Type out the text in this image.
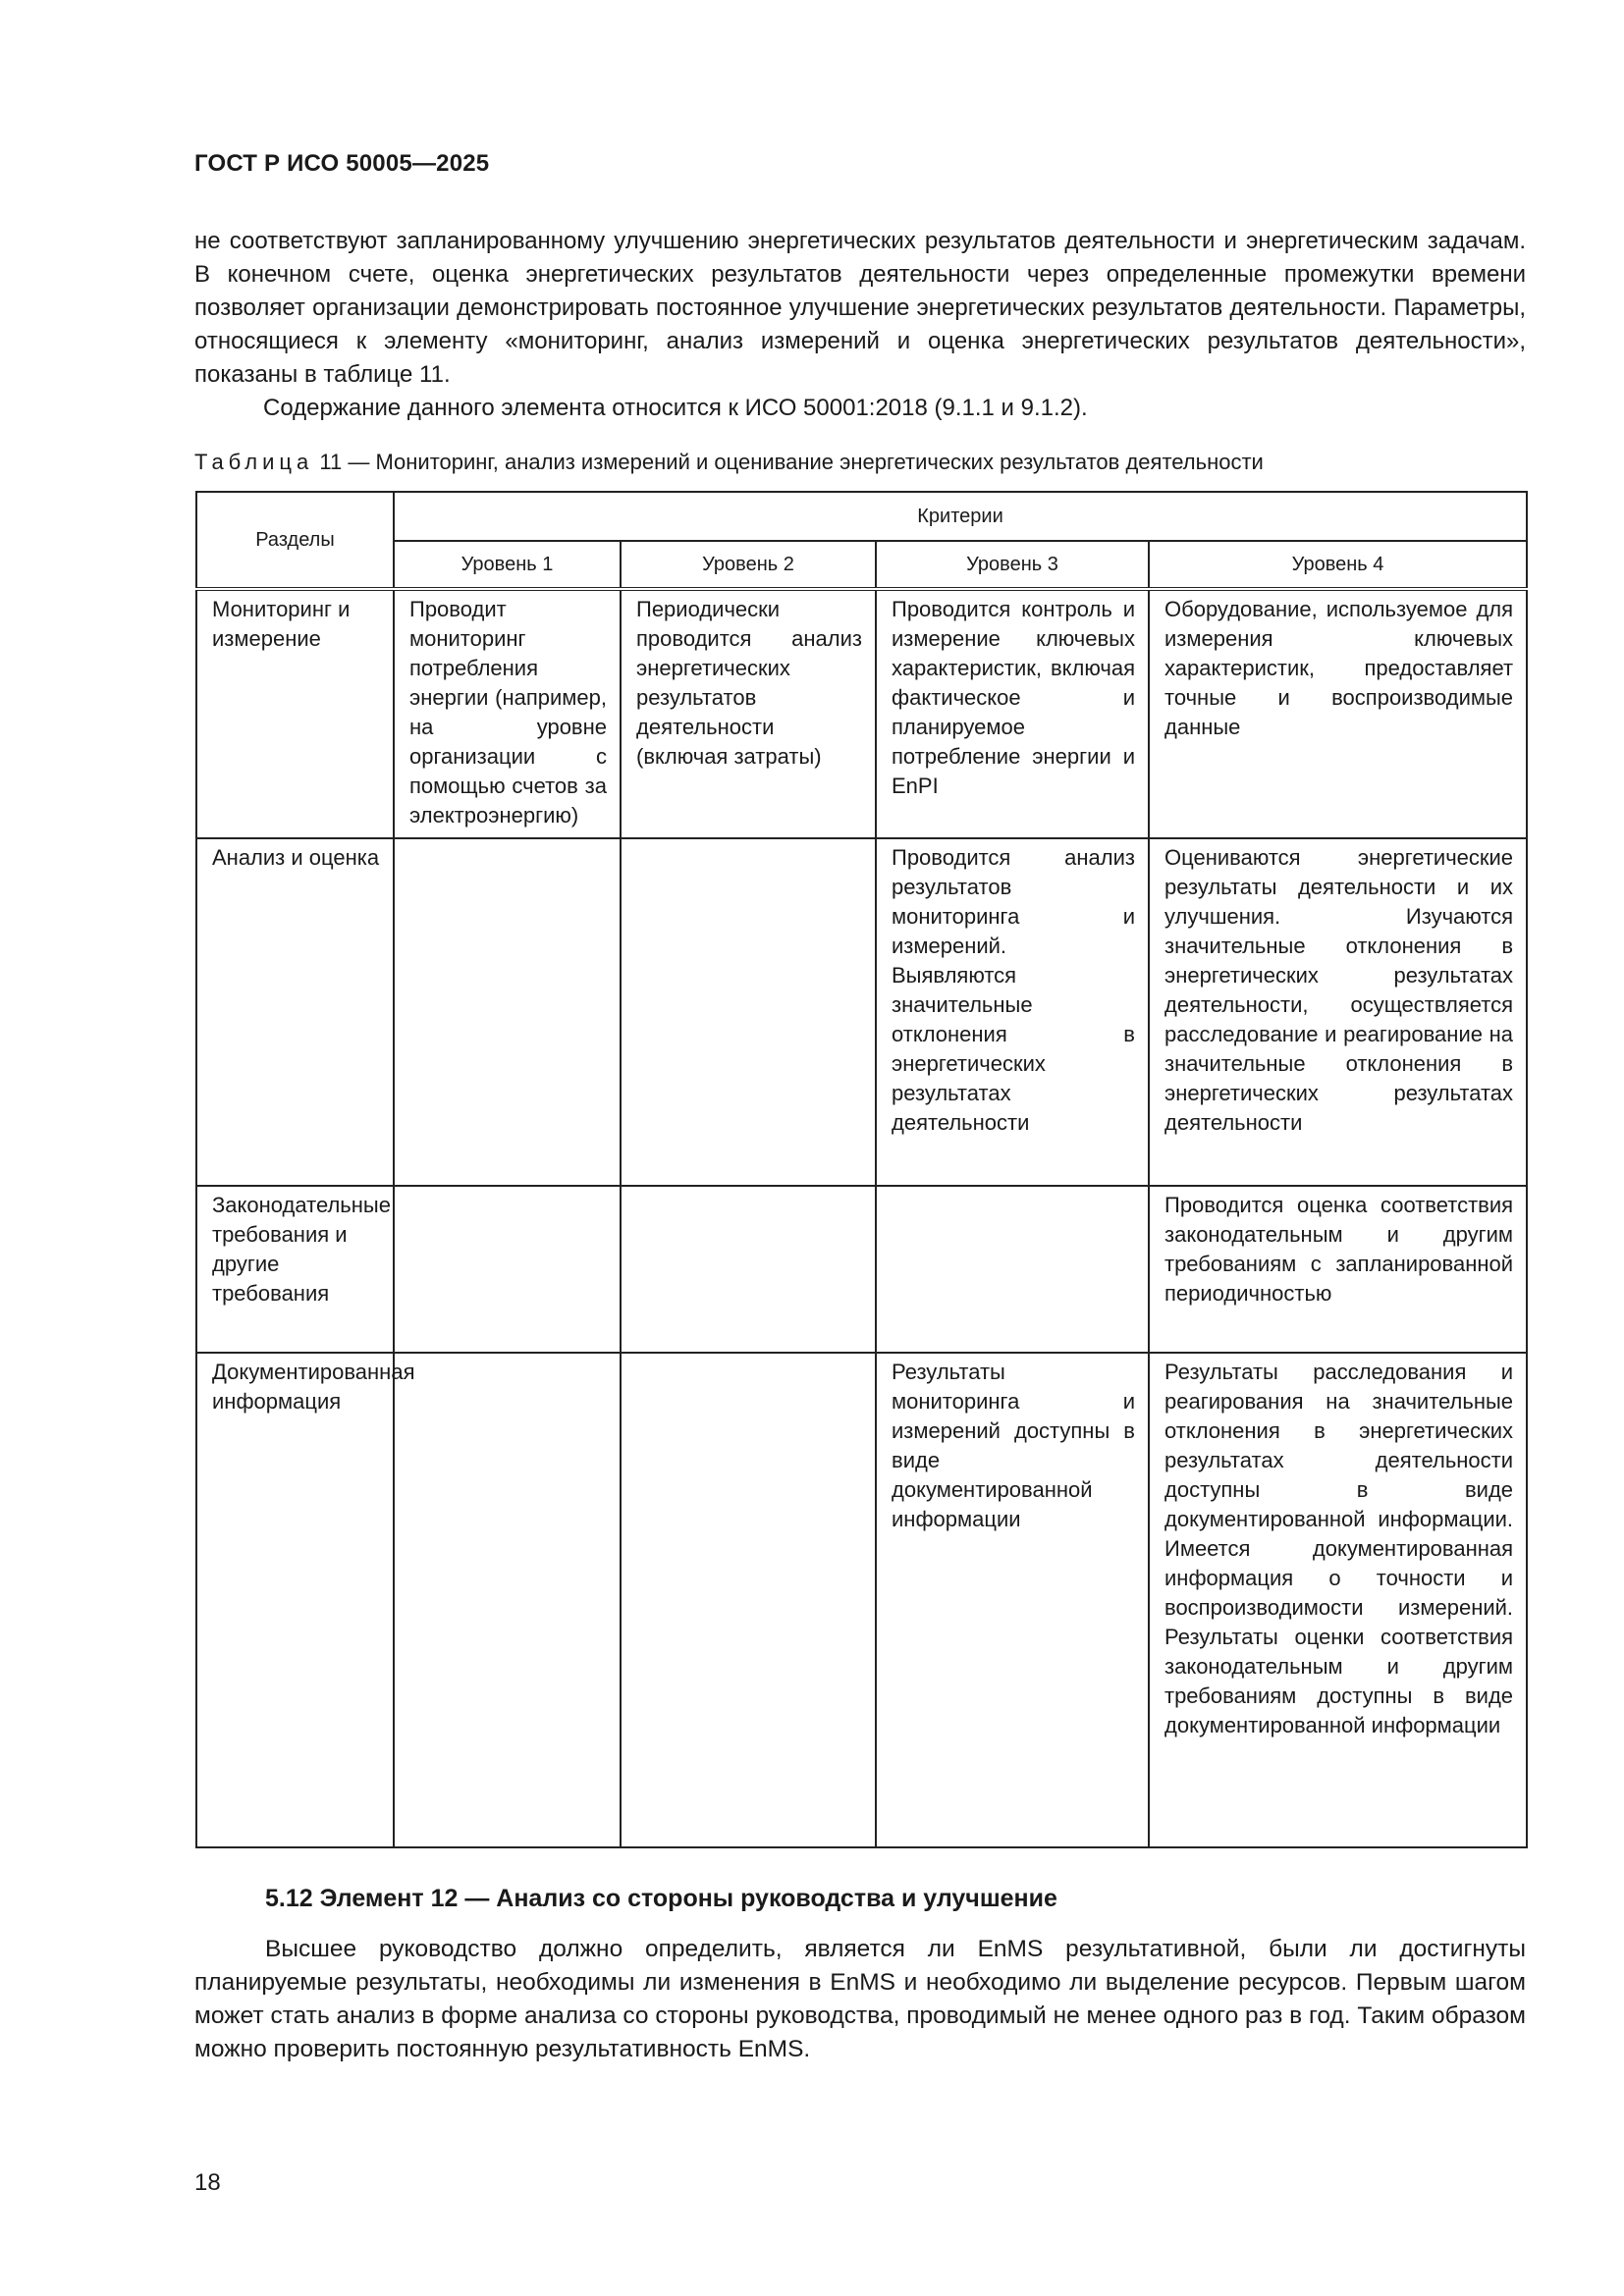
ГОСТ Р ИСО 50005—2025

не соответствуют запланированному улучшению энергетических результатов деятельности и энергетическим задачам. В конечном счете, оценка энергетических результатов деятельности через определенные промежутки времени позволяет организации демонстрировать постоянное улучшение энергетических результатов деятельности. Параметры, относящиеся к элементу «мониторинг, анализ измерений и оценка энергетических результатов деятельности», показаны в таблице 11.

Содержание данного элемента относится к ИСО 50001:2018 (9.1.1 и 9.1.2).

Таблица 11 — Мониторинг, анализ измерений и оценивание энергетических результатов деятельности
Разделы	Критерии			
	Уровень 1	Уровень 2	Уровень 3	Уровень 4
Мониторинг и измерение	Проводит мониторинг потребления энергии (например, на уровне организации с помощью счетов за электроэнергию)	Периодически проводится анализ энергетических результатов деятельности (включая затраты)	Проводится контроль и измерение ключевых характеристик, включая фактическое и планируемое потребление энергии и EnPI	Оборудование, используемое для измерения ключевых характеристик, предоставляет точные и воспроизводимые данные
Анализ и оценка			Проводится анализ результатов мониторинга и измерений. Выявляются значительные отклонения в энергетических результатах деятельности	Оцениваются энергетические результаты деятельности и их улучшения. Изучаются значительные отклонения в энергетических результатах деятельности, осуществляется расследование и реагирование на значительные отклонения в энергетических результатах деятельности
Законодательные требования и другие требования				Проводится оценка соответствия законодательным и другим требованиям с запланированной периодичностью
Документированная информация			Результаты мониторинга и измерений доступны в виде документированной информации	Результаты расследования и реагирования на значительные отклонения в энергетических результатах деятельности доступны в виде документированной информации. Имеется документированная информация о точности и воспроизводимости измерений. Результаты оценки соответствия законодательным и другим требованиям доступны в виде документированной информации
5.12 Элемент 12 — Анализ со стороны руководства и улучшение

Высшее руководство должно определить, является ли EnMS результативной, были ли достигнуты планируемые результаты, необходимы ли изменения в EnMS и необходимо ли выделение ресурсов. Первым шагом может стать анализ в форме анализа со стороны руководства, проводимый не менее одного раз в год. Таким образом можно проверить постоянную результативность EnMS.

18
